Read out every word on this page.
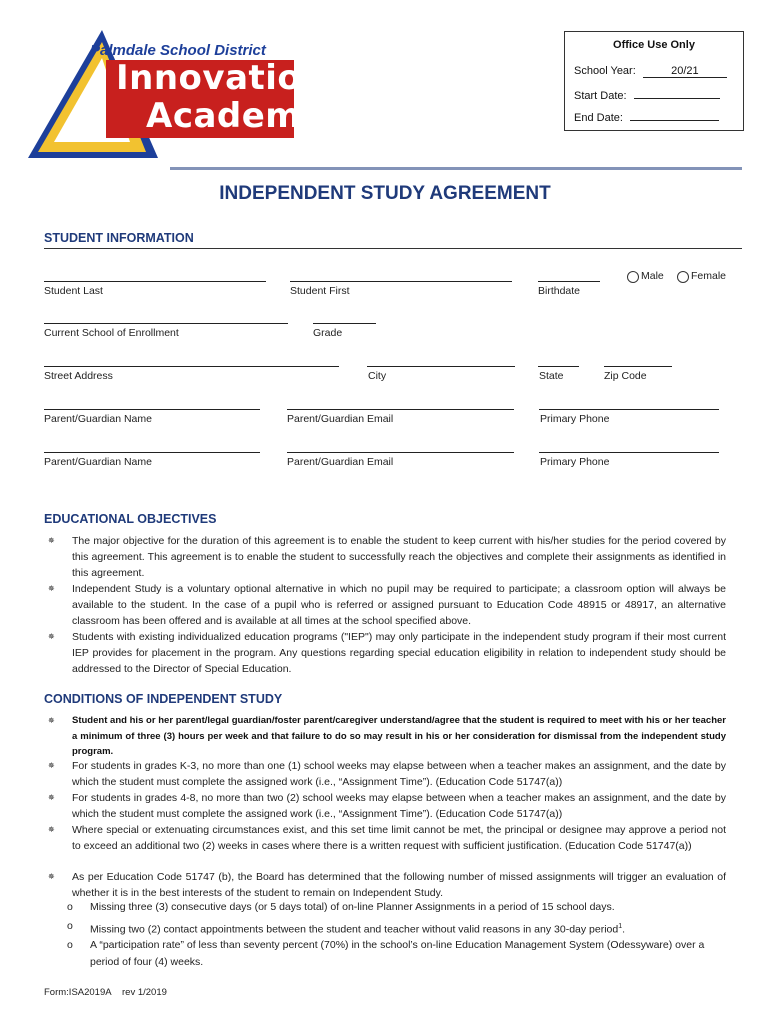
Palmdale School District
Innovations
Academy
Office Use Only
School Year:	20/21
Start Date:
End Date:
INDEPENDENT STUDY AGREEMENT
STUDENT INFORMATION
Student Last	Student First	Birthdate
Male	Female
Current School of Enrollment	Grade
Street Address	City	State	Zip Code
Parent/Guardian Name	Parent/Guardian Email	Primary Phone
Parent/Guardian Name	Parent/Guardian Email	Primary Phone
EDUCATIONAL OBJECTIVES
✵ The major objective for the duration of this agreement is to enable the student to keep current with his/her studies for the period covered by this agreement. This agreement is to enable the student to successfully reach the objectives and complete their assignments as identified in this agreement.
✵ Independent Study is a voluntary optional alternative in which no pupil may be required to participate; a classroom option will always be available to the student. In the case of a pupil who is referred or assigned pursuant to Education Code 48915 or 48917, an alternative classroom has been offered and is available at all times at the school specified above.
✵ Students with existing individualized education programs ("IEP") may only participate in the independent study program if their most current IEP provides for placement in the program. Any questions regarding special education eligibility in relation to independent study should be addressed to the Director of Special Education.
CONDITIONS OF INDEPENDENT STUDY
✵ Student and his or her parent/legal guardian/foster parent/caregiver understand/agree that the student is required to meet with his or her teacher a minimum of three (3) hours per week and that failure to do so may result in his or her consideration for dismissal from the independent study program.
✵ For students in grades K-3, no more than one (1) school weeks may elapse between when a teacher makes an assignment, and the date by which the student must complete the assigned work (i.e., “Assignment Time”). (Education Code 51747(a))
✵ For students in grades 4-8, no more than two (2) school weeks may elapse between when a teacher makes an assignment, and the date by which the student must complete the assigned work (i.e., “Assignment Time”). (Education Code 51747(a))
✵ Where special or extenuating circumstances exist, and this set time limit cannot be met, the principal or designee may approve a period not to exceed an additional two (2) weeks in cases where there is a written request with sufficient justification. (Education Code 51747(a))
✵ As per Education Code 51747 (b), the Board has determined that the following number of missed assignments will trigger an evaluation of whether it is in the best interests of the student to remain on Independent Study.
o Missing three (3) consecutive days (or 5 days total) of on-line Planner Assignments in a period of 15 school days.
o Missing two (2) contact appointments between the student and teacher without valid reasons in any 30-day period$^1$.
o A “participation rate” of less than seventy percent (70%) in the school’s on-line Education Management System (Odessyware) over a period of four (4) weeks.
Form:ISA2019A rev 1/2019
